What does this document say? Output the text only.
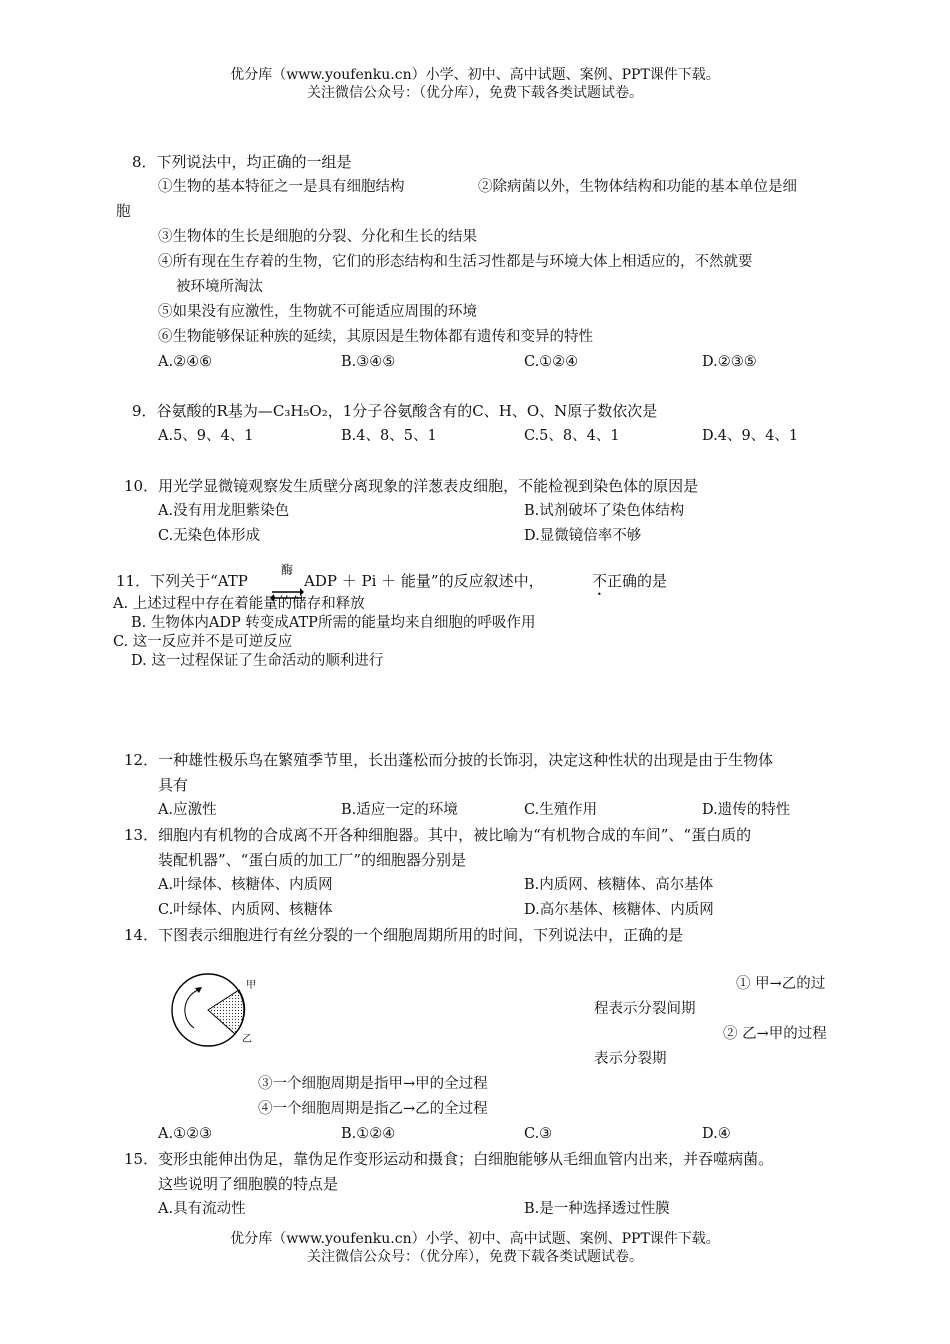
优分库（www.youfenku.cn）小学、初中、高中试题、案例、PPT课件下载。
关注微信公众号：（优分库），免费下载各类试题试卷。
8．下列说法中，均正确的一组是
①生物的基本特征之一是具有细胞结构	②除病菌以外，生物体结构和功能的基本单位是细
胞
③生物体的生长是细胞的分裂、分化和生长的结果
④所有现在生存着的生物，它们的形态结构和生活习性都是与环境大体上相适应的，不然就要
被环境所淘汰
⑤如果没有应激性，生物就不可能适应周围的环境
⑥生物能够保证种族的延续，其原因是生物体都有遗传和变异的特性
A.②④⑥	B.③④⑤	C.①②④	D.②③⑤
9．谷氨酸的R基为—C₃H₅O₂，1分子谷氨酸含有的C、H、O、N原子数依次是
A.5、9、4、1	B.4、8、5、1	C.5、8、4、1	D.4、9、4、1
10．用光学显微镜观察发生质壁分离现象的洋葱表皮细胞，不能检视到染色体的原因是
A.没有用龙胆紫染色	B.试剂破坏了染色体结构
C.无染色体形成	D.显微镜倍率不够
11．下列关于“ATP
酶
ADP ＋ Pi ＋ 能量”的反应叙述中，	不 正确的是
A. 上述过程中存在着能量的储存和释放
B. 生物体内ADP 转变成ATP所需的能量均来自细胞的呼吸作用
C. 这一反应并不是可逆反应
D. 这一过程保证了生命活动的顺利进行
12．一种雄性极乐鸟在繁殖季节里，长出蓬松而分披的长饰羽，决定这种性状的出现是由于生物体
具有
A.应激性	B.适应一定的环境	C.生殖作用	D.遗传的特性
13．细胞内有机物的合成离不开各种细胞器。其中，被比喻为“有机物合成的车间”、“蛋白质的
装配机器”、“蛋白质的加工厂”的细胞器分别是
A.叶绿体、核糖体、内质网	B.内质网、核糖体、高尔基体
C.叶绿体、内质网、核糖体	D.高尔基体、核糖体、内质网
14．下图表示细胞进行有丝分裂的一个细胞周期所用的时间，下列说法中，正确的是
甲
乙
① 甲→乙的过
程表示分裂间期
② 乙→甲的过程
表示分裂期
③一个细胞周期是指甲→甲的全过程
④一个细胞周期是指乙→乙的全过程
A.①②③	B.①②④	C.③	D.④
15．变形虫能伸出伪足，靠伪足作变形运动和摄食；白细胞能够从毛细血管内出来，并吞噬病菌。
这些说明了细胞膜的特点是
A.具有流动性	B.是一种选择透过性膜
优分库（www.youfenku.cn）小学、初中、高中试题、案例、PPT课件下载。
关注微信公众号：（优分库），免费下载各类试题试卷。
